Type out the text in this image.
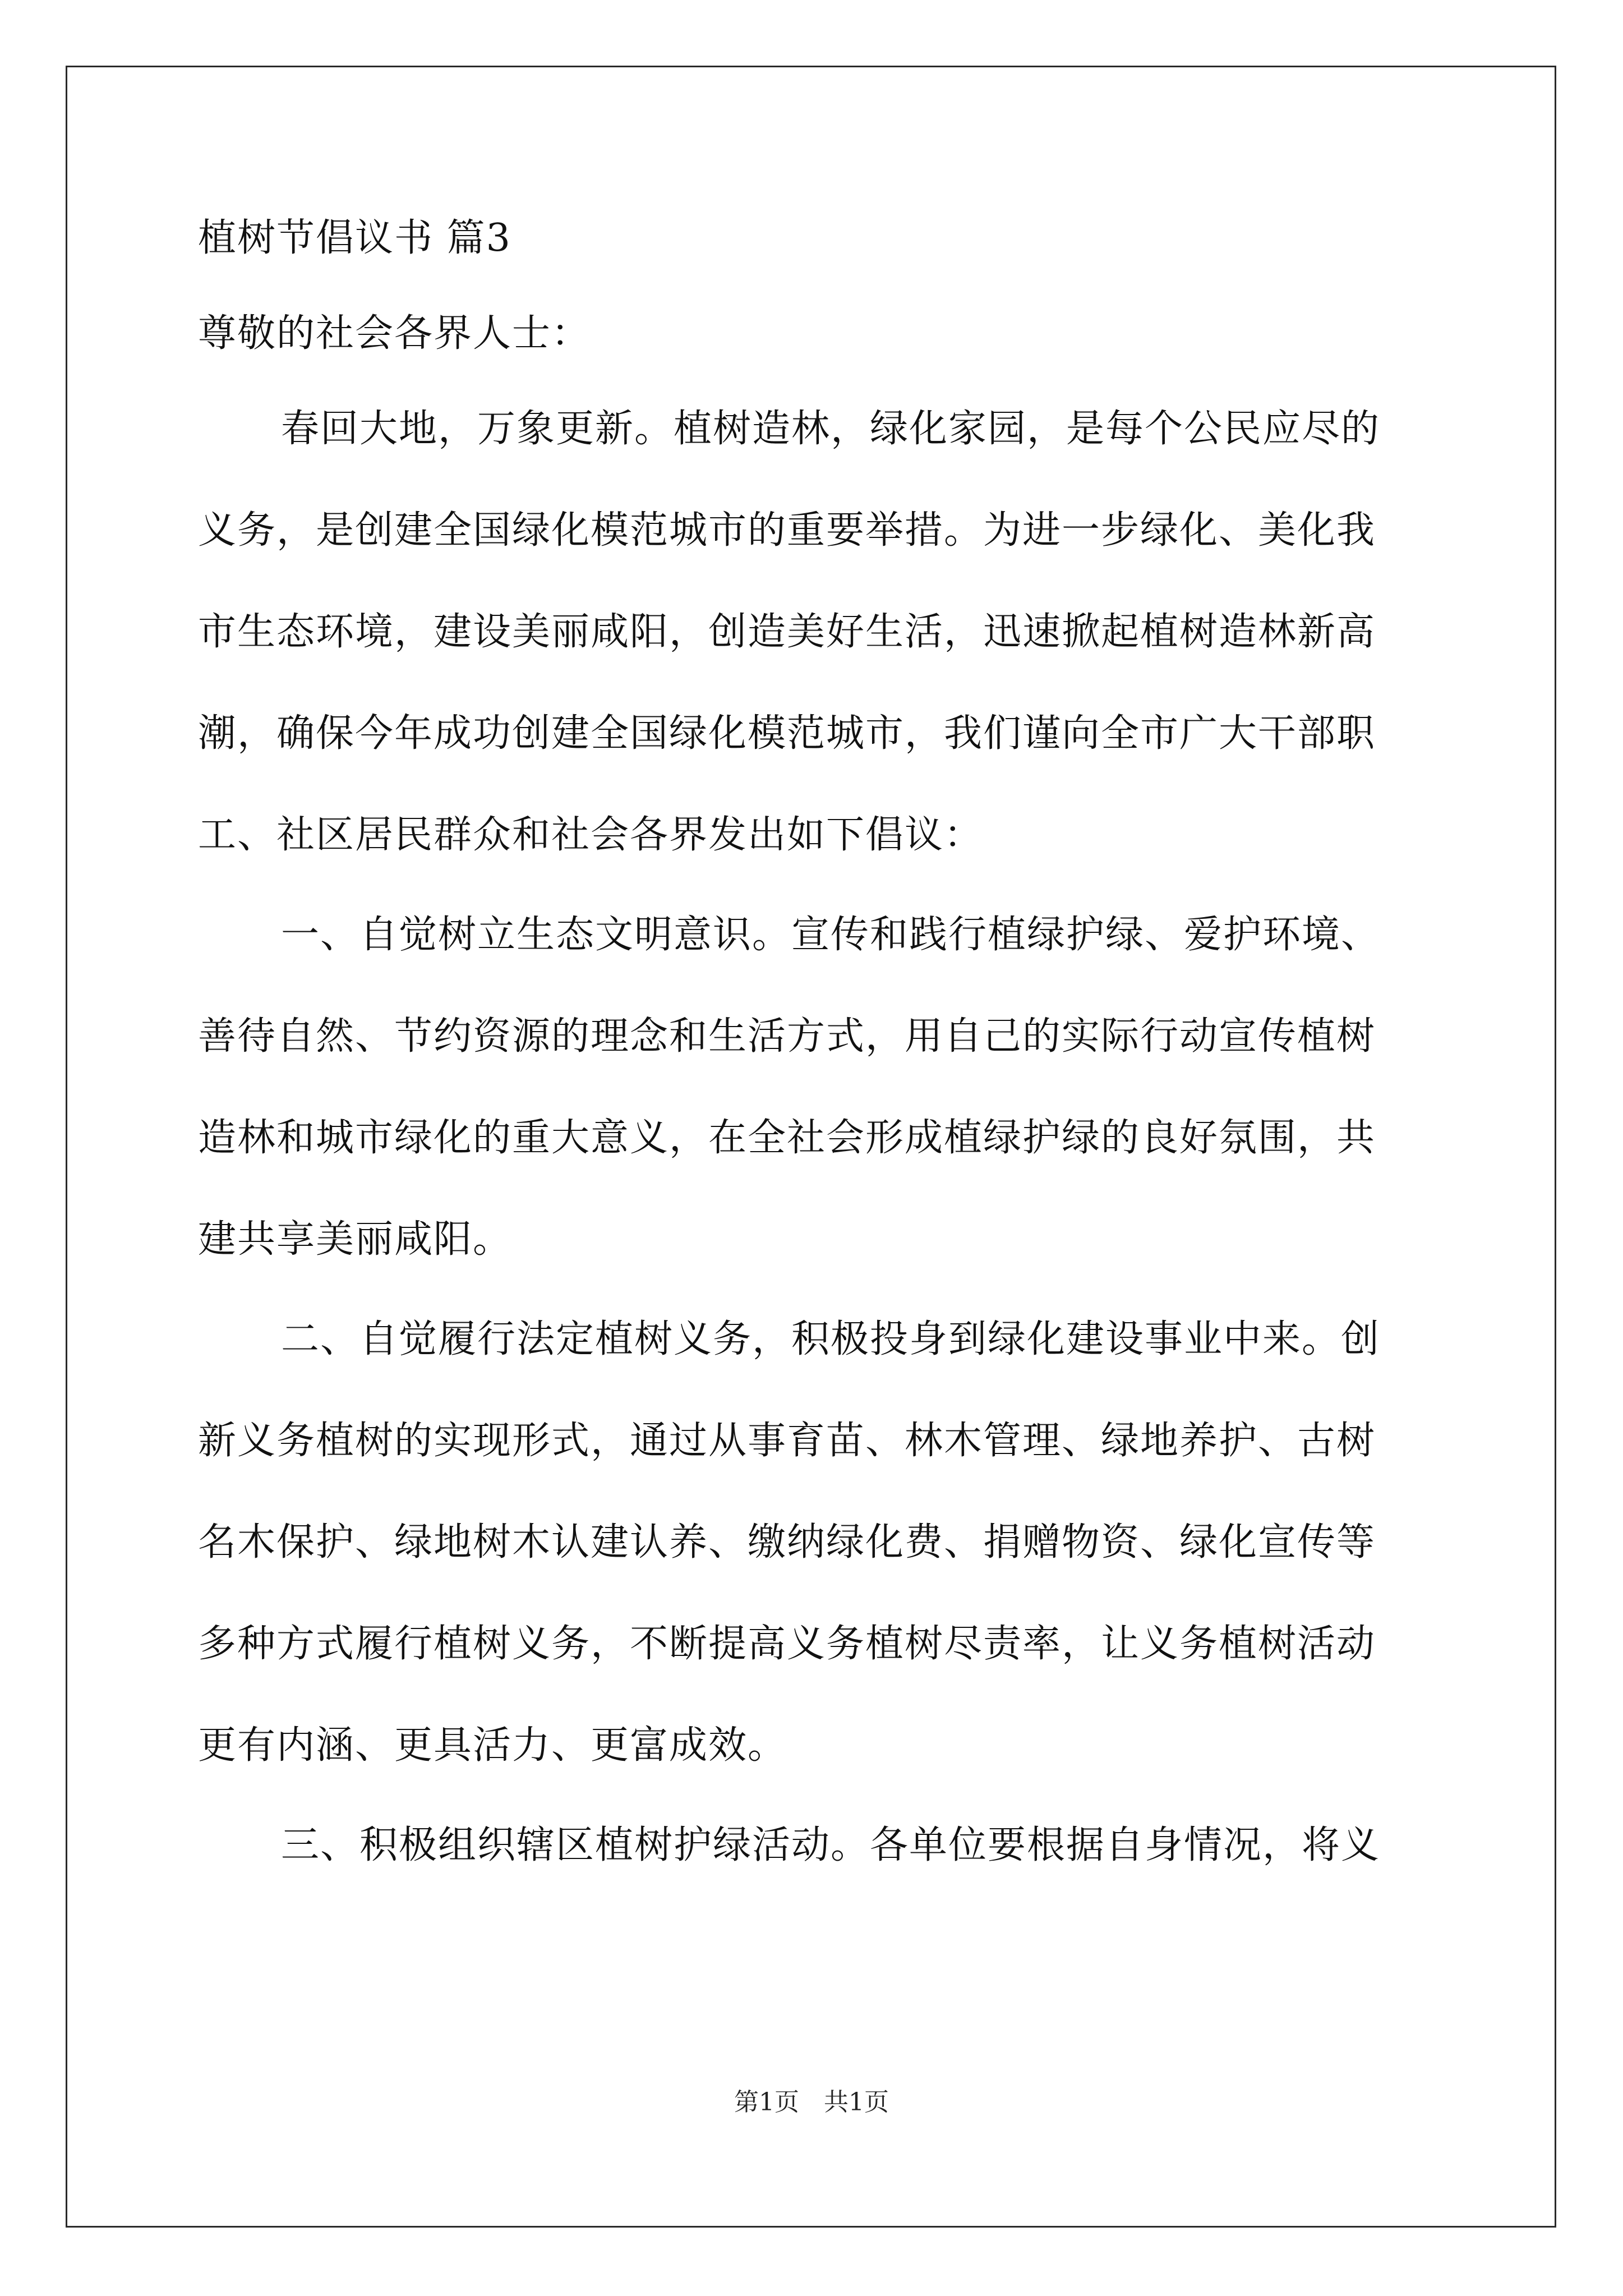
植树节倡议书 篇3
尊敬的社会各界人士：
春回大地，万象更新。植树造林，绿化家园，是每个公民应尽的
义务，是创建全国绿化模范城市的重要举措。为进一步绿化、美化我
市生态环境，建设美丽咸阳，创造美好生活，迅速掀起植树造林新高
潮，确保今年成功创建全国绿化模范城市，我们谨向全市广大干部职
工、社区居民群众和社会各界发出如下倡议：
一、自觉树立生态文明意识。宣传和践行植绿护绿、爱护环境、
善待自然、节约资源的理念和生活方式，用自己的实际行动宣传植树
造林和城市绿化的重大意义，在全社会形成植绿护绿的良好氛围，共
建共享美丽咸阳。
二、自觉履行法定植树义务，积极投身到绿化建设事业中来。创
新义务植树的实现形式，通过从事育苗、林木管理、绿地养护、古树
名木保护、绿地树木认建认养、缴纳绿化费、捐赠物资、绿化宣传等
多种方式履行植树义务，不断提高义务植树尽责率，让义务植树活动
更有内涵、更具活力、更富成效。
三、积极组织辖区植树护绿活动。各单位要根据自身情况，将义
第1页　共1页
